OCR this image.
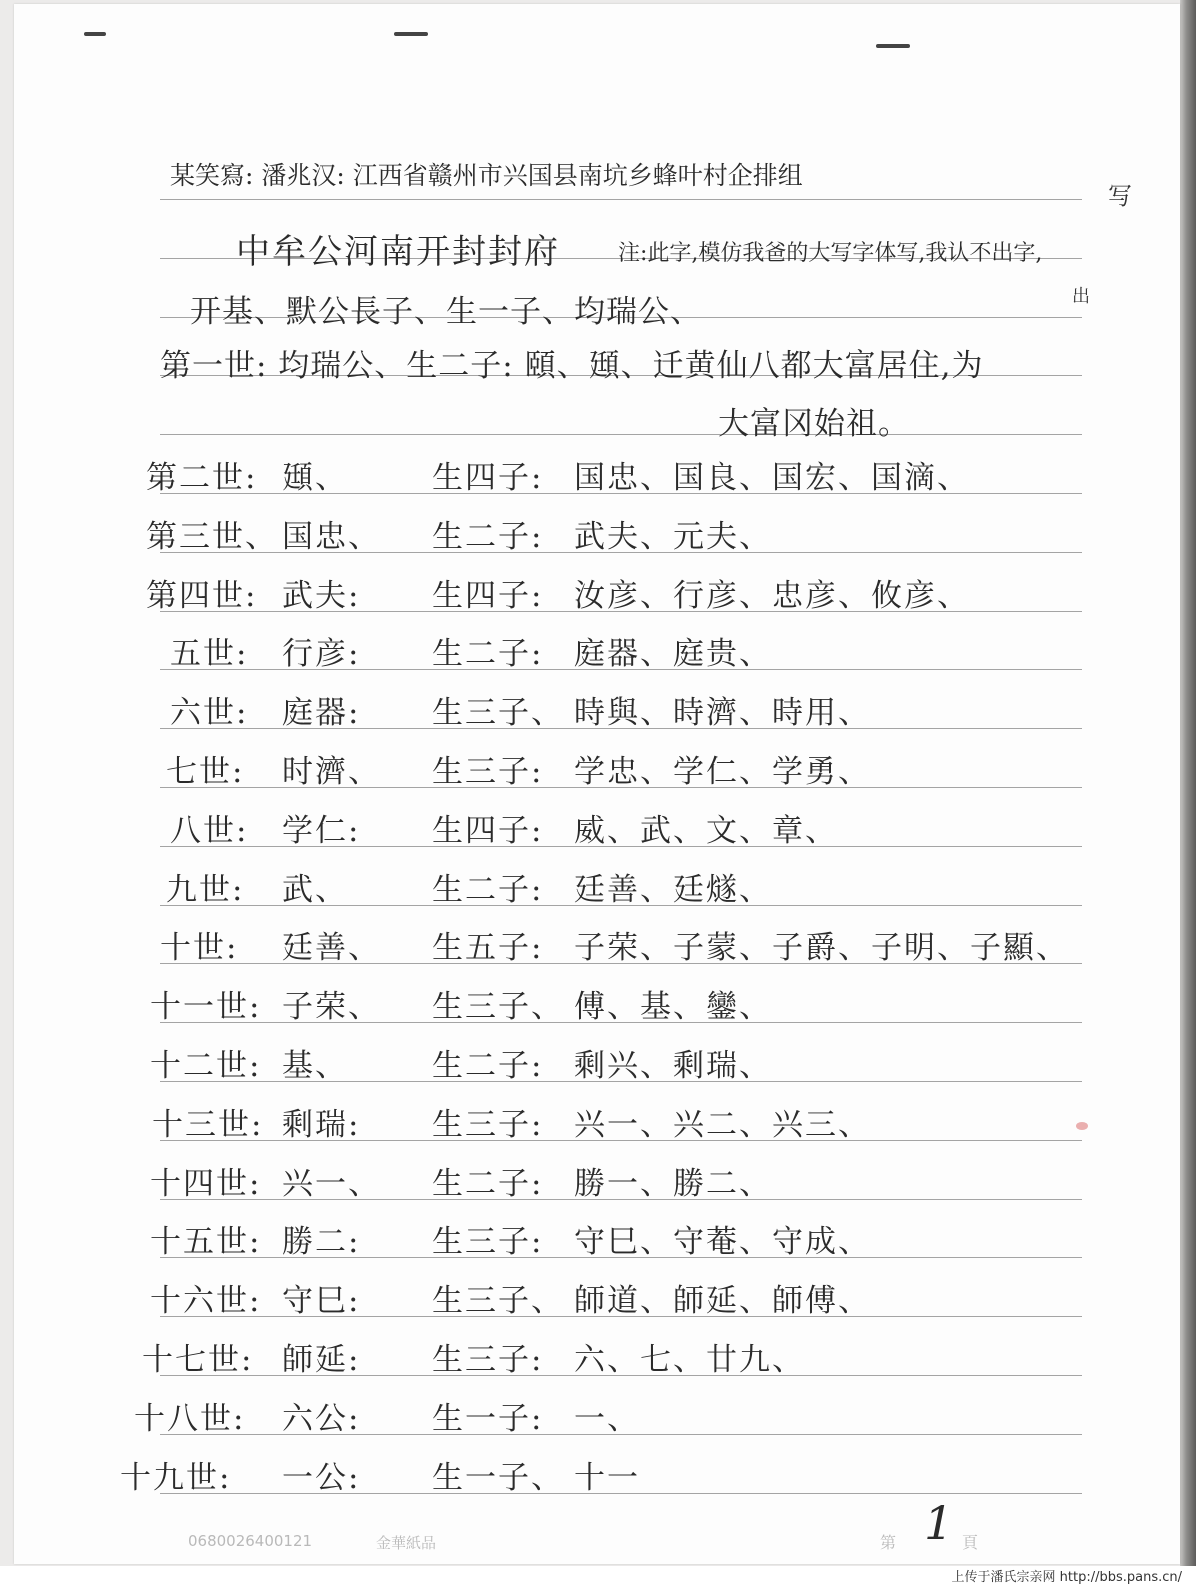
某笑寫: 潘兆汉: 江西省赣州市兴国县南坑乡蜂叶村企排组
写
中牟公河南开封封府	注:此字,模仿我爸的大写字体写,我认不出字,
出
开基、默公長子、生一子、均瑞公、
第一世: 均瑞公、生二子: 頤、頲、迁黄仙八都大富居住,为
大富冈始祖。
第二世: 頲、	生四子: 国忠、国良、国宏、国滴、
第三世、 国忠、 生二子: 武夫、元夫、
第四世: 武夫: 生四子: 汝彦、行彦、忠彦、攸彦、
五世: 行彦: 生二子: 庭器、庭贵、
六世: 庭器: 生三子、 時與、時濟、時用、
七世: 时濟、 生三子: 学忠、学仁、学勇、
八世: 学仁: 生四子: 威、武、文、章、
九世: 武、	生二子: 廷善、廷燧、
十世: 廷善、 生五子: 子荣、子蒙、子爵、子明、子顯、
十一世: 子荣、 生三子、 傅、基、鑾、
十二世: 基、	生二子: 剩兴、剩瑞、
十三世: 剩瑞: 生三子: 兴一、兴二、兴三、
十四世: 兴一、 生二子: 勝一、勝二、
十五世: 勝二: 生三子: 守巳、守菴、守成、
十六世: 守巳: 生三子、 師道、師延、師傅、
十七世: 師延: 生三子: 六、七、廿九、
十八世: 六公: 生一子: 一、
十九世: 一公: 生一子、 十一
0680026400121	金華紙品	第 1 頁
上传于潘氏宗亲网 http://bbs.pans.cn/
